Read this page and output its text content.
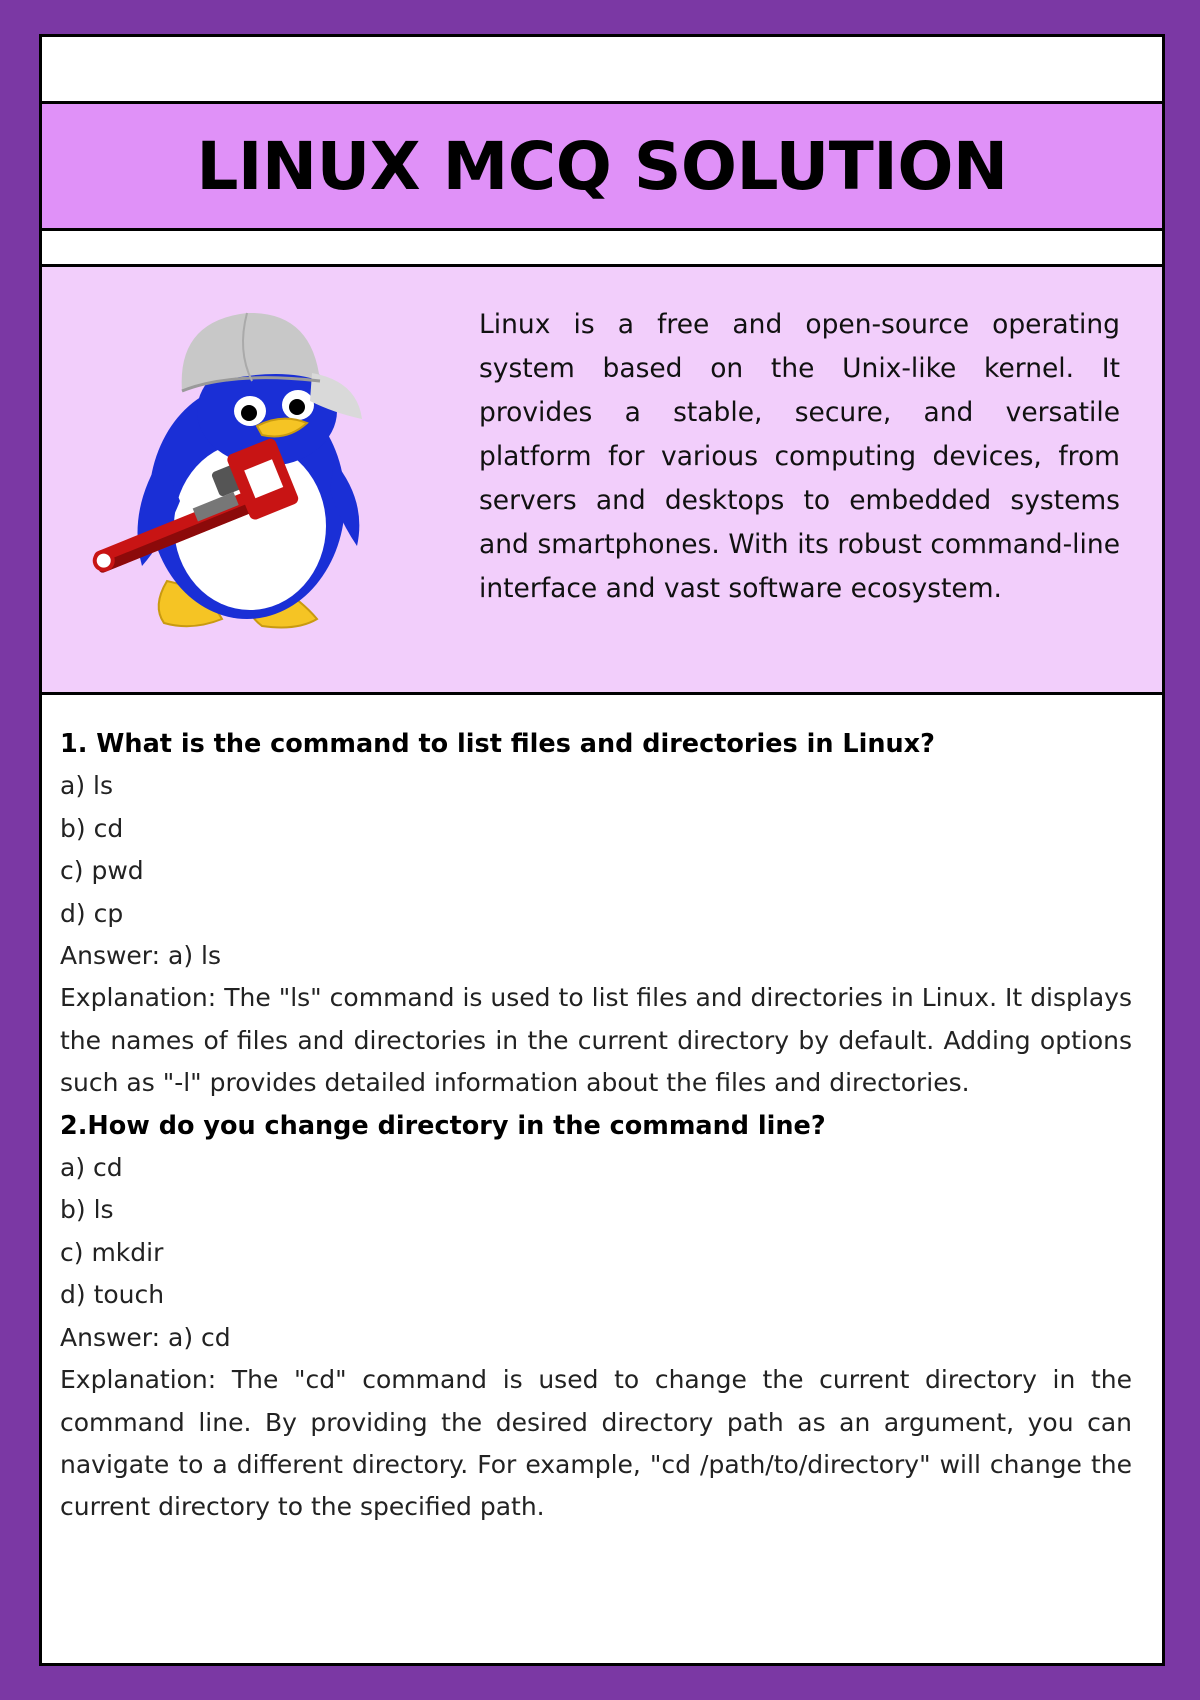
LINUX MCQ SOLUTION

Linux is a free and open-source operating system based on the Unix-like kernel. It provides a stable, secure, and versatile platform for various computing devices, from servers and desktops to embedded systems and smartphones. With its robust command-line interface and vast software ecosystem.

1. What is the command to list files and directories in Linux?
a) ls
b) cd
c) pwd
d) cp
Answer: a) ls
Explanation: The "ls" command is used to list files and directories in Linux. It displays the names of files and directories in the current directory by default. Adding options such as "-l" provides detailed information about the files and directories.
2.How do you change directory in the command line?
a) cd
b) ls
c) mkdir
d) touch
Answer: a) cd
Explanation: The "cd" command is used to change the current directory in the command line. By providing the desired directory path as an argument, you can navigate to a different directory. For example, "cd /path/to/directory" will change the current directory to the specified path.
